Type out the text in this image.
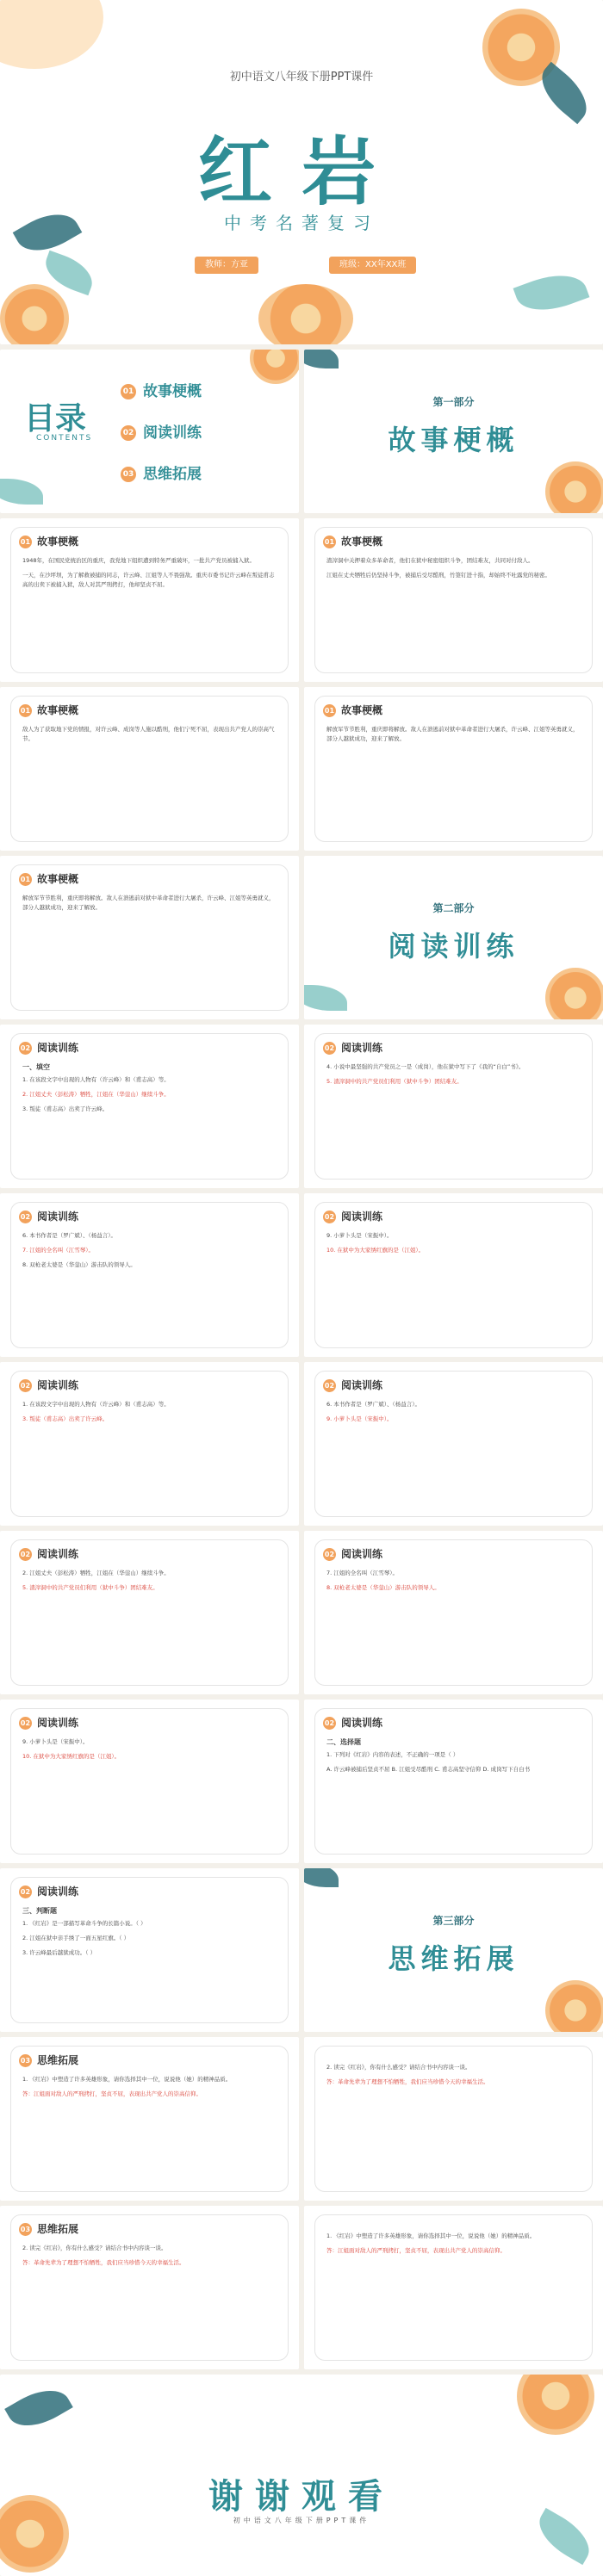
初中语文八年级下册PPT课件
红岩
中考名著复习
教师：方亚	班级：XX年XX班
目录
CONTENTS
01 故事梗概
02 阅读训练
03 思维拓展
第一部分
故事梗概
01 故事梗概

1948年，在国民党统治区的重庆，我党地下组织遭到特务严重破坏，一批共产党员被捕入狱。

一天，在沙坪坝，为了解救被捕的同志，许云峰、江姐等人不畏强敌。重庆市委书记许云峰在叛徒甫志高的出卖下被捕入狱，敌人对其严刑拷打，他却坚贞不屈。

01 故事梗概

渣滓洞中关押着众多革命者，他们在狱中秘密组织斗争，团结难友，共同对付敌人。

江姐在丈夫牺牲后仍坚持斗争，被捕后受尽酷刑，竹签钉进十指，却始终不吐露党的秘密。

01 故事梗概

敌人为了获取地下党的情报，对许云峰、成岗等人施以酷刑，他们宁死不屈，表现出共产党人的崇高气节。

01 故事梗概

解放军节节胜利，重庆即将解放。敌人在溃逃前对狱中革命者进行大屠杀，许云峰、江姐等英勇就义，部分人越狱成功，迎来了解放。

01 故事梗概

解放军节节胜利，重庆即将解放。敌人在溃逃前对狱中革命者进行大屠杀，许云峰、江姐等英勇就义，部分人越狱成功，迎来了解放。	第二部分
阅读训练
02 阅读训练
一、填空

1. 在该段文字中出现的人物有（许云峰）和（甫志高）等。

2. 江姐丈夫（彭松涛）牺牲，江姐在（华蓥山）继续斗争。

3. 叛徒（甫志高）出卖了许云峰。

02 阅读训练

4. 小说中最坚强的共产党员之一是（成岗），他在狱中写下了《我的“自白”书》。

5. 渣滓洞中的共产党员们利用（狱中斗争）团结难友。

02 阅读训练

6. 本书作者是（罗广斌）、（杨益言）。

7. 江姐的全名叫（江雪琴）。

8. 双枪老太婆是（华蓥山）游击队的领导人。

02 阅读训练

9. 小萝卜头是（宋振中）。

10. 在狱中为大家绣红旗的是（江姐）。

02 阅读训练

1. 在该段文字中出现的人物有（许云峰）和（甫志高）等。

3. 叛徒（甫志高）出卖了许云峰。

02 阅读训练

6. 本书作者是（罗广斌）、（杨益言）。

9. 小萝卜头是（宋振中）。

02 阅读训练

2. 江姐丈夫（彭松涛）牺牲，江姐在（华蓥山）继续斗争。

5. 渣滓洞中的共产党员们利用（狱中斗争）团结难友。

02 阅读训练

7. 江姐的全名叫（江雪琴）。

8. 双枪老太婆是（华蓥山）游击队的领导人。

02 阅读训练

9. 小萝卜头是（宋振中）。

10. 在狱中为大家绣红旗的是（江姐）。

02 阅读训练
二、选择题

1. 下列对《红岩》内容的表述，不正确的一项是（ ）

A. 许云峰被捕后坚贞不屈 B. 江姐受尽酷刑 C. 甫志高坚守信仰 D. 成岗写下自白书

02 阅读训练
三、判断题

1. 《红岩》是一部描写革命斗争的长篇小说。（ ）

2. 江姐在狱中亲手绣了一面五星红旗。（ ）

3. 许云峰最后越狱成功。（ ）

第三部分
思维拓展
03 思维拓展

1. 《红岩》中塑造了许多英雄形象，请你选择其中一位，说说他（她）的精神品质。

答：江姐面对敌人的严刑拷打，坚贞不屈，表现出共产党人的崇高信仰。

2. 读完《红岩》，你有什么感受？请结合书中内容谈一谈。

答：革命先辈为了理想不怕牺牲，我们应当珍惜今天的幸福生活。

03 思维拓展

2. 读完《红岩》，你有什么感受？请结合书中内容谈一谈。

答：革命先辈为了理想不怕牺牲，我们应当珍惜今天的幸福生活。

1. 《红岩》中塑造了许多英雄形象，请你选择其中一位，说说他（她）的精神品质。

答：江姐面对敌人的严刑拷打，坚贞不屈，表现出共产党人的崇高信仰。

谢谢观看
初中语文八年级下册PPT课件
